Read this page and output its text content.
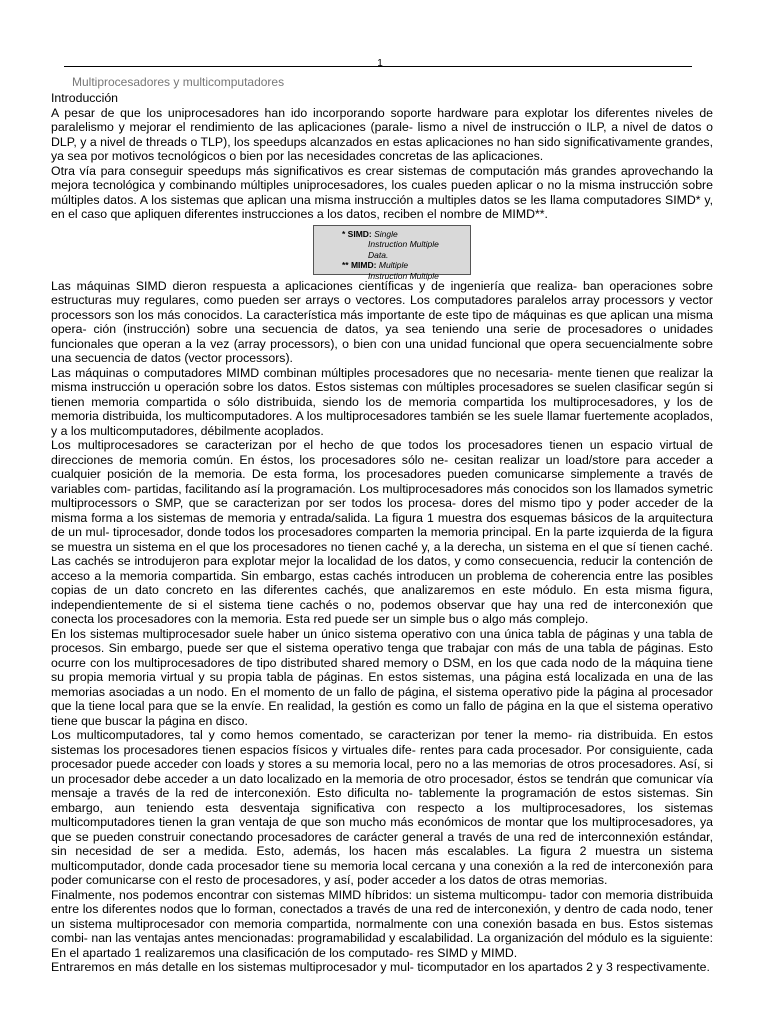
1
Multiprocesadores y multicomputadores
Introducción

A pesar de que los uniprocesadores han ido incorporando soporte hardware para explotar los diferentes niveles de paralelismo y mejorar el rendimiento de las aplicaciones (parale- lismo a nivel de instrucción o ILP, a nivel de datos o DLP, y a nivel de threads o TLP), los speedups alcanzados en estas aplicaciones no han sido significativamente grandes, ya sea por motivos tecnológicos o bien por las necesidades concretas de las aplicaciones.

Otra vía para conseguir speedups más significativos es crear sistemas de computación más grandes aprovechando la mejora tecnológica y combinando múltiples uniprocesadores, los cuales pueden aplicar o no la misma instrucción sobre múltiples datos. A los sistemas que aplican una misma instrucción a multiples datos se les llama computadores SIMD* y, en el caso que apliquen diferentes instrucciones a los datos, reciben el nombre de MIMD**.

* SIMD: Single
Instruction Multiple
Data.
** MIMD: Multiple
Instruction Multiple

Las máquinas SIMD dieron respuesta a aplicaciones científicas y de ingeniería que realiza- ban operaciones sobre estructuras muy regulares, como pueden ser arrays o vectores. Los computadores paralelos array processors y vector processors son los más conocidos. La característica más importante de este tipo de máquinas es que aplican una misma opera- ción (instrucción) sobre una secuencia de datos, ya sea teniendo una serie de procesadores o unidades funcionales que operan a la vez (array processors), o bien con una unidad funcional que opera secuencialmente sobre una secuencia de datos (vector processors).

Las máquinas o computadores MIMD combinan múltiples procesadores que no necesaria- mente tienen que realizar la misma instrucción u operación sobre los datos. Estos sistemas con múltiples procesadores se suelen clasificar según si tienen memoria compartida o sólo distribuida, siendo los de memoria compartida los multiprocesadores, y los de memoria distribuida, los multicomputadores. A los multiprocesadores también se les suele llamar fuertemente acoplados, y a los multicomputadores, débilmente acoplados.

Los multiprocesadores se caracterizan por el hecho de que todos los procesadores tienen un espacio virtual de direcciones de memoria común. En éstos, los procesadores sólo ne- cesitan realizar un load/store para acceder a cualquier posición de la memoria. De esta forma, los procesadores pueden comunicarse simplemente a través de variables com- partidas, facilitando así la programación. Los multiprocesadores más conocidos son los llamados symetric multiprocessors o SMP, que se caracterizan por ser todos los procesa- dores del mismo tipo y poder acceder de la misma forma a los sistemas de memoria y entrada/salida. La figura 1 muestra dos esquemas básicos de la arquitectura de un mul- tiprocesador, donde todos los procesadores comparten la memoria principal. En la parte izquierda de la figura se muestra un sistema en el que los procesadores no tienen caché y, a la derecha, un sistema en el que sí tienen caché. Las cachés se introdujeron para explotar mejor la localidad de los datos, y como consecuencia, reducir la contención de acceso a la memoria compartida. Sin embargo, estas cachés introducen un problema de coherencia entre las posibles copias de un dato concreto en las diferentes cachés, que analizaremos en este módulo. En esta misma figura, independientemente de si el sistema tiene cachés o no, podemos observar que hay una red de interconexión que conecta los procesadores con la memoria. Esta red puede ser un simple bus o algo más complejo.

En los sistemas multiprocesador suele haber un único sistema operativo con una única tabla de páginas y una tabla de procesos. Sin embargo, puede ser que el sistema operativo tenga que trabajar con más de una tabla de páginas. Esto ocurre con los multiprocesadores de tipo distributed shared memory o DSM, en los que cada nodo de la máquina tiene su propia memoria virtual y su propia tabla de páginas. En estos sistemas, una página está localizada en una de las memorias asociadas a un nodo. En el momento de un fallo de página, el sistema operativo pide la página al procesador que la tiene local para que se la envíe. En realidad, la gestión es como un fallo de página en la que el sistema operativo tiene que buscar la página en disco.

Los multicomputadores, tal y como hemos comentado, se caracterizan por tener la memo- ria distribuida. En estos sistemas los procesadores tienen espacios físicos y virtuales dife- rentes para cada procesador. Por consiguiente, cada procesador puede acceder con loads y stores a su memoria local, pero no a las memorias de otros procesadores. Así, si un procesador debe acceder a un dato localizado en la memoria de otro procesador, éstos se tendrán que comunicar vía mensaje a través de la red de interconexión. Esto dificulta no- tablemente la programación de estos sistemas. Sin embargo, aun teniendo esta desventaja significativa con respecto a los multiprocesadores, los sistemas multicomputadores tienen la gran ventaja de que son mucho más económicos de montar que los multiprocesadores, ya que se pueden construir conectando procesadores de carácter general a través de una red de interconnexión estándar, sin necesidad de ser a medida. Esto, además, los hacen más escalables. La figura 2 muestra un sistema multicomputador, donde cada procesador tiene su memoria local cercana y una conexión a la red de interconexión para poder comunicarse con el resto de procesadores, y así, poder acceder a los datos de otras memorias.

Finalmente, nos podemos encontrar con sistemas MIMD híbridos: un sistema multicompu- tador con memoria distribuida entre los diferentes nodos que lo forman, conectados a través de una red de interconexión, y dentro de cada nodo, tener un sistema multiprocesador con memoria compartida, normalmente con una conexión basada en bus. Estos sistemas combi- nan las ventajas antes mencionadas: programabilidad y escalabilidad. La organización del módulo es la siguiente: En el apartado 1 realizaremos una clasificación de los computado- res SIMD y MIMD.

Entraremos en más detalle en los sistemas multiprocesador y mul- ticomputador en los apartados 2 y 3 respectivamente.
